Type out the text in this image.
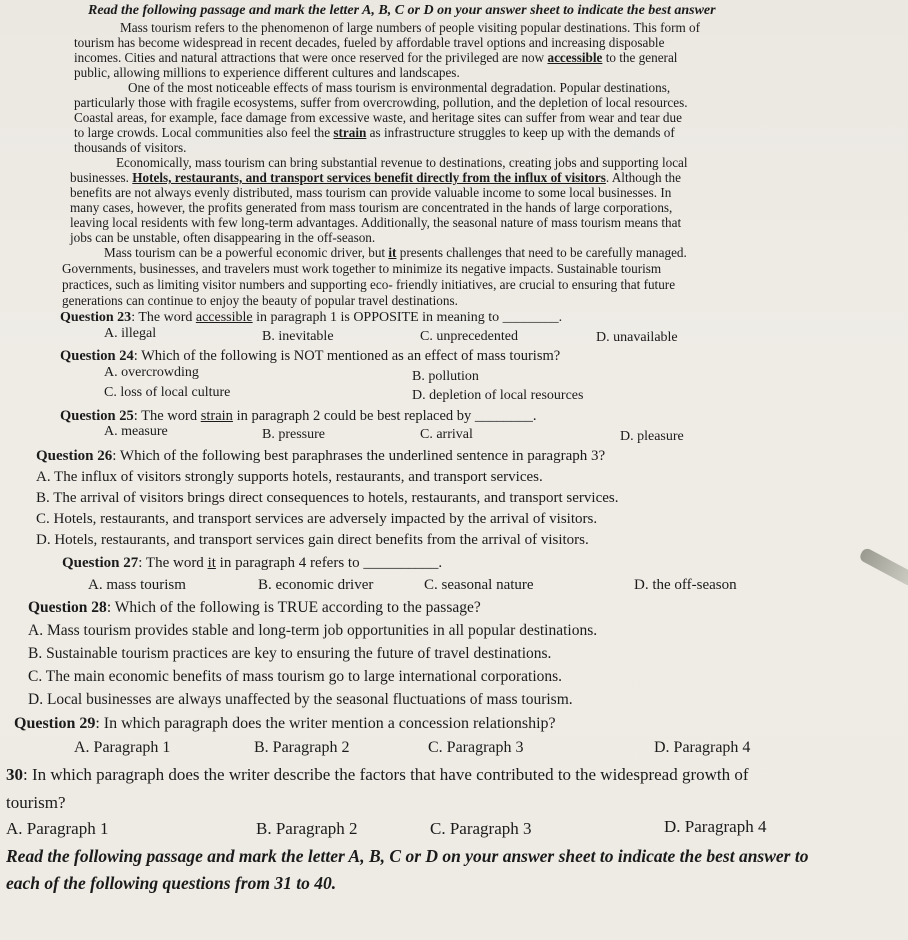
Read the following passage and mark the letter A, B, C or D on your answer sheet to indicate the best answer
Mass tourism refers to the phenomenon of large numbers of people visiting popular destinations. This form of
tourism has become widespread in recent decades, fueled by affordable travel options and increasing disposable
incomes. Cities and natural attractions that were once reserved for the privileged are now accessible to the general
public, allowing millions to experience different cultures and landscapes.
One of the most noticeable effects of mass tourism is environmental degradation. Popular destinations,
particularly those with fragile ecosystems, suffer from overcrowding, pollution, and the depletion of local resources.
Coastal areas, for example, face damage from excessive waste, and heritage sites can suffer from wear and tear due
to large crowds. Local communities also feel the strain as infrastructure struggles to keep up with the demands of
thousands of visitors.
Economically, mass tourism can bring substantial revenue to destinations, creating jobs and supporting local
businesses. Hotels, restaurants, and transport services benefit directly from the influx of visitors. Although the
benefits are not always evenly distributed, mass tourism can provide valuable income to some local businesses. In
many cases, however, the profits generated from mass tourism are concentrated in the hands of large corporations,
leaving local residents with few long-term advantages. Additionally, the seasonal nature of mass tourism means that
jobs can be unstable, often disappearing in the off-season.
Mass tourism can be a powerful economic driver, but it presents challenges that need to be carefully managed.
Governments, businesses, and travelers must work together to minimize its negative impacts. Sustainable tourism
practices, such as limiting visitor numbers and supporting eco- friendly initiatives, are crucial to ensuring that future
generations can continue to enjoy the beauty of popular travel destinations.
Question 23: The word accessible in paragraph 1 is OPPOSITE in meaning to ________.
A. illegal	B. inevitable	C. unprecedented	D. unavailable
Question 24: Which of the following is NOT mentioned as an effect of mass tourism?
A. overcrowding	B. pollution
C. loss of local culture	D. depletion of local resources
Question 25: The word strain in paragraph 2 could be best replaced by ________.
A. measure	B. pressure	C. arrival	D. pleasure
Question 26: Which of the following best paraphrases the underlined sentence in paragraph 3?
A. The influx of visitors strongly supports hotels, restaurants, and transport services.
B. The arrival of visitors brings direct consequences to hotels, restaurants, and transport services.
C. Hotels, restaurants, and transport services are adversely impacted by the arrival of visitors.
D. Hotels, restaurants, and transport services gain direct benefits from the arrival of visitors.
Question 27: The word it in paragraph 4 refers to __________.
A. mass tourism	B. economic driver	C. seasonal nature	D. the off-season
Question 28: Which of the following is TRUE according to the passage?
A. Mass tourism provides stable and long-term job opportunities in all popular destinations.
B. Sustainable tourism practices are key to ensuring the future of travel destinations.
C. The main economic benefits of mass tourism go to large international corporations.
D. Local businesses are always unaffected by the seasonal fluctuations of mass tourism.
Question 29: In which paragraph does the writer mention a concession relationship?
A. Paragraph 1	B. Paragraph 2	C. Paragraph 3	D. Paragraph 4
30: In which paragraph does the writer describe the factors that have contributed to the widespread growth of
tourism?
A. Paragraph 1	B. Paragraph 2	C. Paragraph 3	D. Paragraph 4
Read the following passage and mark the letter A, B, C or D on your answer sheet to indicate the best answer to
each of the following questions from 31 to 40.
